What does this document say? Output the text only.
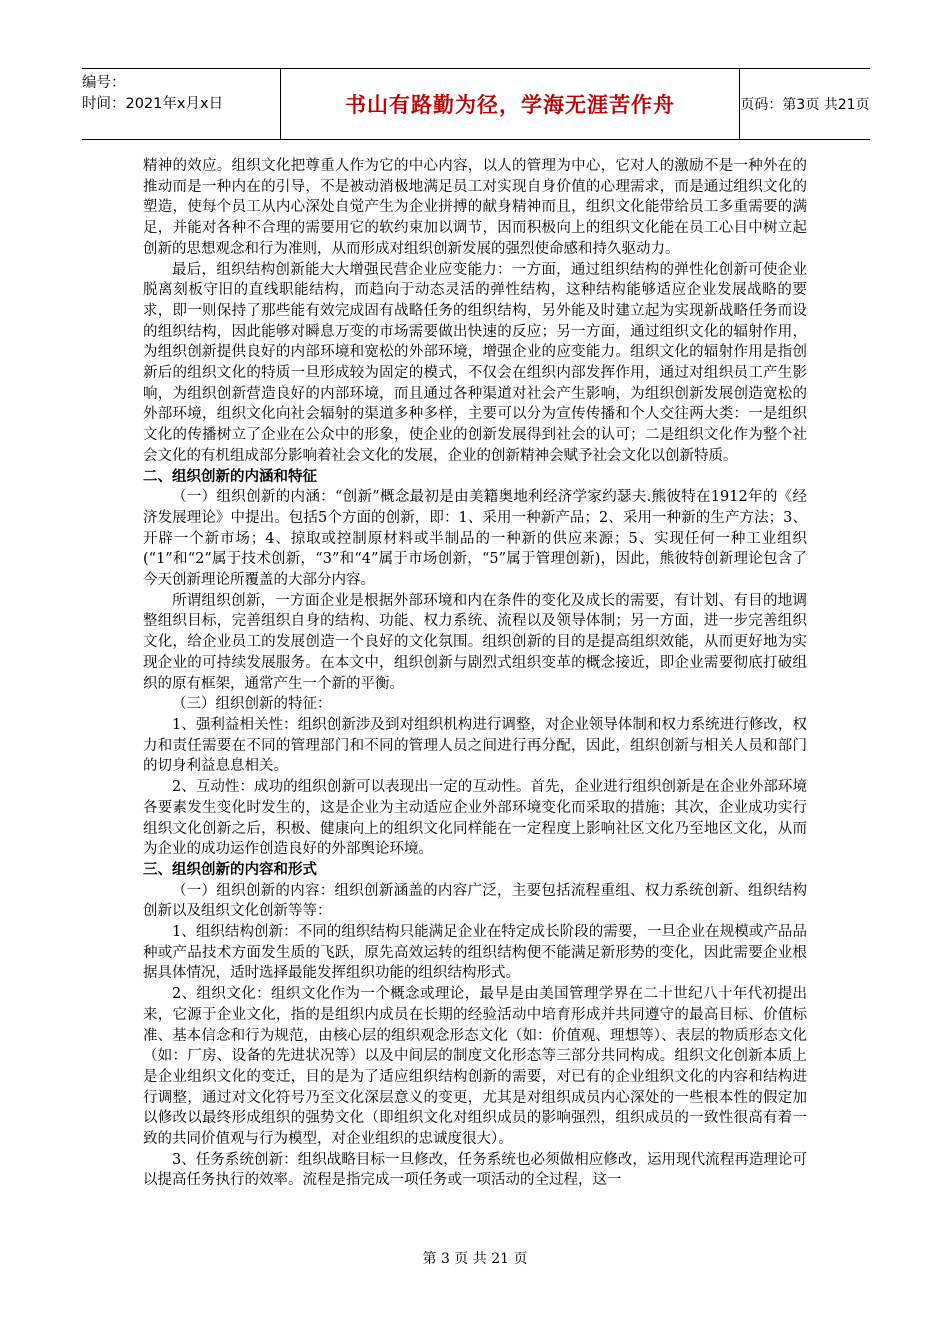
编号：
时间：2021年x月x日	书山有路勤为径，学海无涯苦作舟	页码：第3页 共21页

精神的效应。组织文化把尊重人作为它的中心内容，以人的管理为中心，它对人的激励不是一种外在的推动而是一种内在的引导，不是被动消极地满足员工对实现自身价值的心理需求，而是通过组织文化的塑造，使每个员工从内心深处自觉产生为企业拼搏的献身精神而且，组织文化能带给员工多重需要的满足，并能对各种不合理的需要用它的软约束加以调节，因而积极向上的组织文化能在员工心目中树立起创新的思想观念和行为准则，从而形成对组织创新发展的强烈使命感和持久驱动力。

最后，组织结构创新能大大增强民营企业应变能力：一方面，通过组织结构的弹性化创新可使企业脱离刻板守旧的直线职能结构，而趋向于动态灵活的弹性结构，这种结构能够适应企业发展战略的要求，即一则保持了那些能有效完成固有战略任务的组织结构，另外能及时建立起为实现新战略任务而设的组织结构，因此能够对瞬息万变的市场需要做出快速的反应；另一方面，通过组织文化的辐射作用，为组织创新提供良好的内部环境和宽松的外部环境，增强企业的应变能力。组织文化的辐射作用是指创新后的组织文化的特质一旦形成较为固定的模式，不仅会在组织内部发挥作用，通过对组织员工产生影响，为组织创新营造良好的内部环境，而且通过各种渠道对社会产生影响，为组织创新发展创造宽松的外部环境，组织文化向社会辐射的渠道多种多样，主要可以分为宣传传播和个人交往两大类：一是组织文化的传播树立了企业在公众中的形象，使企业的创新发展得到社会的认可；二是组织文化作为整个社会文化的有机组成部分影响着社会文化的发展，企业的创新精神会赋予社会文化以创新特质。

二、组织创新的内涵和特征

（一）组织创新的内涵：“创新”概念最初是由美籍奥地利经济学家约瑟夫.熊彼特在1912年的《经济发展理论》中提出。包括5个方面的创新，即：1、采用一种新产品；2、采用一种新的生产方法；3、开辟一个新市场；4、掠取或控制原材料或半制品的一种新的供应来源；5、实现任何一种工业组织(“1”和“2”属于技术创新，“3”和“4”属于市场创新，“5”属于管理创新)，因此，熊彼特创新理论包含了今天创新理论所覆盖的大部分内容。

所谓组织创新，一方面企业是根据外部环境和内在条件的变化及成长的需要，有计划、有目的地调整组织目标，完善组织自身的结构、功能、权力系统、流程以及领导体制；另一方面，进一步完善组织文化，给企业员工的发展创造一个良好的文化氛围。组织创新的目的是提高组织效能，从而更好地为实现企业的可持续发展服务。在本文中，组织创新与剧烈式组织变革的概念接近，即企业需要彻底打破组织的原有框架，通常产生一个新的平衡。

（三）组织创新的特征：

1、强利益相关性：组织创新涉及到对组织机构进行调整，对企业领导体制和权力系统进行修改，权力和责任需要在不同的管理部门和不同的管理人员之间进行再分配，因此，组织创新与相关人员和部门的切身利益息息相关。

2、互动性：成功的组织创新可以表现出一定的互动性。首先，企业进行组织创新是在企业外部环境各要素发生变化时发生的，这是企业为主动适应企业外部环境变化而采取的措施；其次，企业成功实行组织文化创新之后，积极、健康向上的组织文化同样能在一定程度上影响社区文化乃至地区文化，从而为企业的成功运作创造良好的外部舆论环境。

三、组织创新的内容和形式

（一）组织创新的内容：组织创新涵盖的内容广泛，主要包括流程重组、权力系统创新、组织结构创新以及组织文化创新等等：

1、组织结构创新：不同的组织结构只能满足企业在特定成长阶段的需要，一旦企业在规模或产品品种或产品技术方面发生质的飞跃，原先高效运转的组织结构便不能满足新形势的变化，因此需要企业根据具体情况，适时选择最能发挥组织功能的组织结构形式。

2、组织文化：组织文化作为一个概念或理论，最早是由美国管理学界在二十世纪八十年代初提出来，它源于企业文化，指的是组织内成员在长期的经验活动中培育形成并共同遵守的最高目标、价值标准、基本信念和行为规范，由核心层的组织观念形态文化（如：价值观、理想等）、表层的物质形态文化（如：厂房、设备的先进状况等）以及中间层的制度文化形态等三部分共同构成。组织文化创新本质上是企业组织文化的变迁，目的是为了适应组织结构创新的需要，对已有的企业组织文化的内容和结构进行调整，通过对文化符号乃至文化深层意义的变更，尤其是对组织成员内心深处的一些根本性的假定加以修改以最终形成组织的强势文化（即组织文化对组织成员的影响强烈，组织成员的一致性很高有着一致的共同价值观与行为模型，对企业组织的忠诚度很大）。

3、任务系统创新：组织战略目标一旦修改，任务系统也必须做相应修改，运用现代流程再造理论可以提高任务执行的效率。流程是指完成一项任务或一项活动的全过程，这一

第 3 页 共 21 页
